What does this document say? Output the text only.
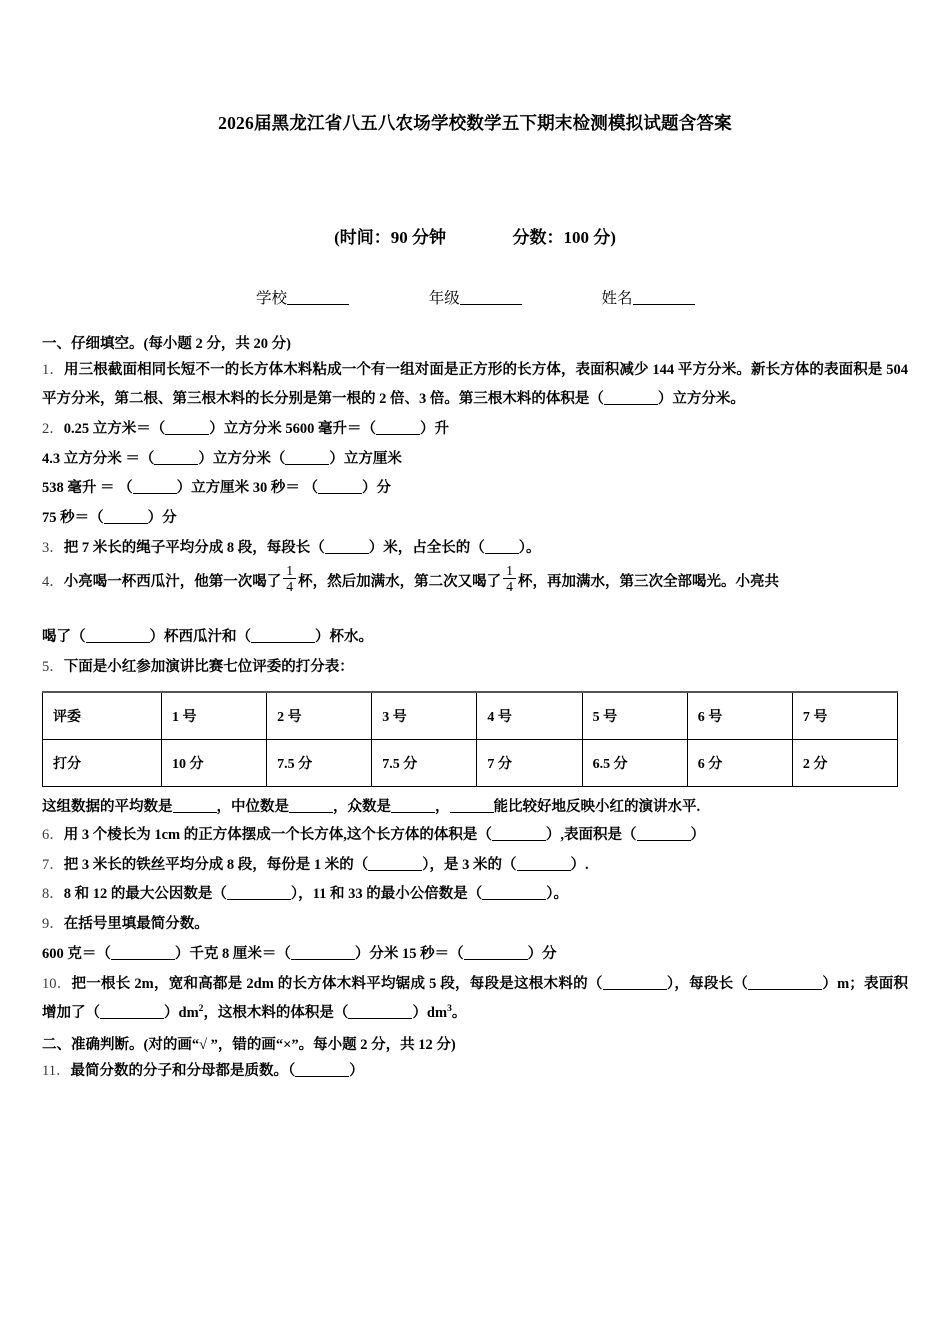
2026届黑龙江省八五八农场学校数学五下期末检测模拟试题含答案
(时间：90 分钟	分数：100 分)
学校	年级	姓名
一、仔细填空。(每小题 2 分，共 20 分)

1．用三根截面相同长短不一的长方体木料粘成一个有一组对面是正方形的长方体，表面积减少 144 平方分米。新长方体的表面积是 504 平方分米，第二根、第三根木料的长分别是第一根的 2 倍、3 倍。第三根木料的体积是（	）立方分米。

2．0.25 立方米＝（	）立方分米 5600 毫升＝（	）升

4.3 立方分米 ＝（	）立方分米（	）立方厘米

538 毫升 ＝ （	）立方厘米 30 秒＝ （	）分

75 秒＝（	）分

3．把 7 米长的绳子平均分成 8 段，每段长（	）米，占全长的（ ）。

4．小亮喝一杯西瓜汁，他第一次喝了 $\frac{1}{4}$ 杯，然后加满水，第二次又喝了 $\frac{1}{4}$ 杯，再加满水，第三次全部喝光。小亮共

喝了（	）杯西瓜汁和（	）杯水。

5．下面是小红参加演讲比赛七位评委的打分表：

评委	1 号	2 号	3 号	4 号	5 号	6 号	7 号
打分	10 分	7.5 分	7.5 分	7 分	6.5 分	6 分	2 分

这组数据的平均数是	，中位数是	，众数是	，	能比较好地反映小红的演讲水平.

6．用 3 个棱长为 1cm 的正方体摆成一个长方体,这个长方体的体积是（	）,表面积是（	）

7．把 3 米长的铁丝平均分成 8 段，每份是 1 米的（	），是 3 米的（	）.

8．8 和 12 的最大公因数是（	），11 和 33 的最小公倍数是（	）。

9．在括号里填最简分数。

600 克＝（	）千克 8 厘米＝（	）分米 15 秒＝（	）分

10．把一根长 2m，宽和高都是 2dm 的长方体木料平均锯成 5 段，每段是这根木料的（	），每段长（	）m；表面积增加了（	）$dm^2$，这根木料的体积是（	）$dm^3$。

二、准确判断。(对的画“√ ”，错的画“×”。每小题 2 分，共 12 分)

11．最简分数的分子和分母都是质数。（	）
